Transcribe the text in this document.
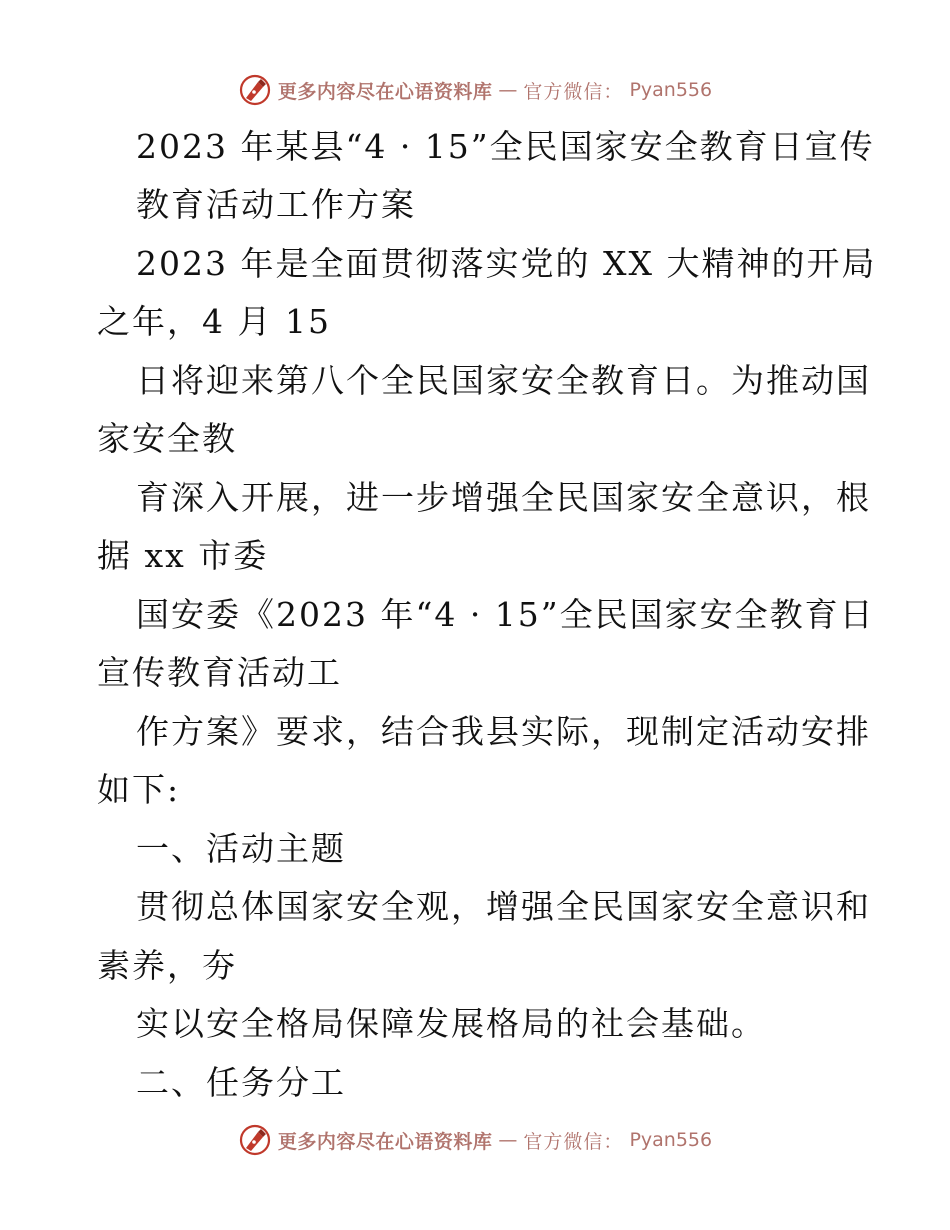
更多内容尽在心语资料库 — 官方微信： Pyan556
2023 年某县“4 · 15”全民国家安全教育日宣传
教育活动工作方案
2023 年是全面贯彻落实党的 XX 大精神的开局
之年，4 月 15
日将迎来第八个全民国家安全教育日。为推动国
家安全教
育深入开展，进一步增强全民国家安全意识，根
据 xx 市委
国安委《2023 年“4 · 15”全民国家安全教育日
宣传教育活动工
作方案》要求，结合我县实际，现制定活动安排
如下:
一、活动主题
贯彻总体国家安全观，增强全民国家安全意识和
素养，夯
实以安全格局保障发展格局的社会基础。
二、任务分工
更多内容尽在心语资料库 — 官方微信： Pyan556
